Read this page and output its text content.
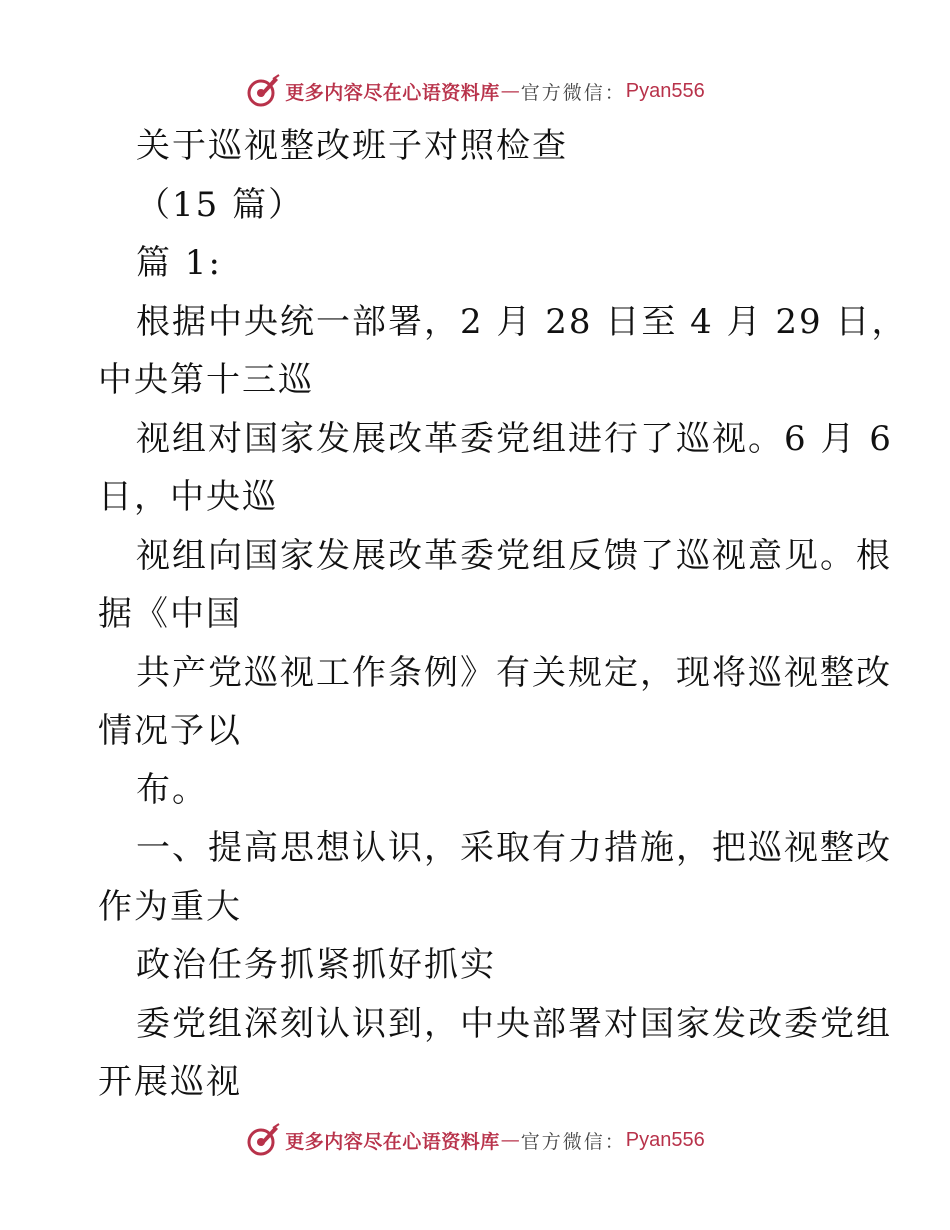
更多内容尽在心语资料库 — 官方微信： Pyan556
关于巡视整改班子对照检查
（15 篇）
篇 1:
根据中央统一部署，2 月 28 日至 4 月 29 日，
中央第十三巡
视组对国家发展改革委党组进行了巡视。6 月 6
日，中央巡
视组向国家发展改革委党组反馈了巡视意见。根
据《中国
共产党巡视工作条例》有关规定，现将巡视整改
情况予以
布。
一、提高思想认识，采取有力措施，把巡视整改
作为重大
政治任务抓紧抓好抓实
委党组深刻认识到，中央部署对国家发改委党组
开展巡视
更多内容尽在心语资料库 — 官方微信： Pyan556
